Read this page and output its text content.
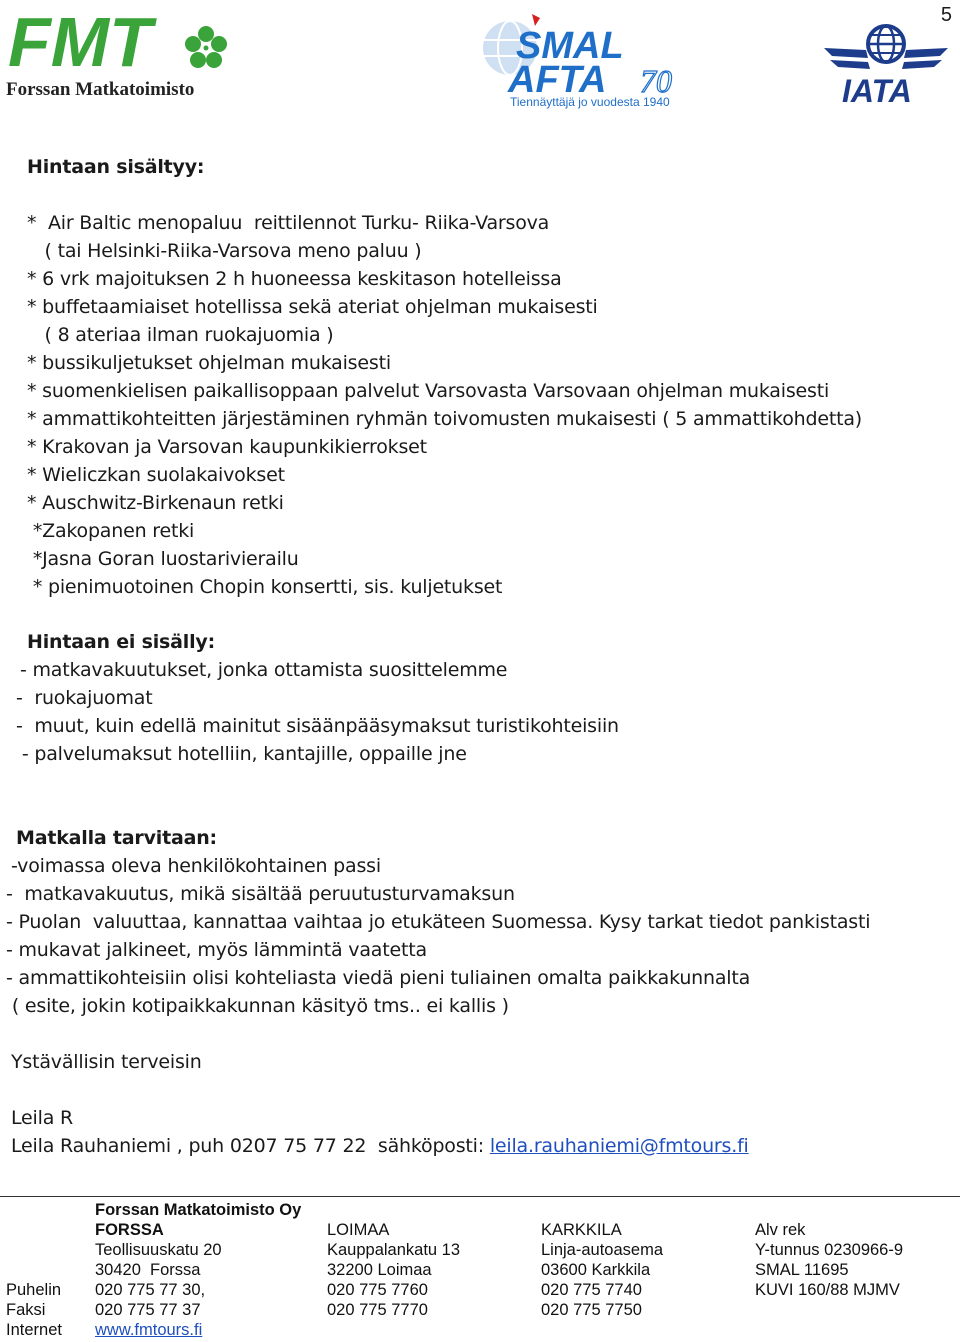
5
FMT
Forssan Matkatoimisto
SMAL
AFTA 70
Tiennäyttäjä jo vuodesta 1940	IATA
Hintaan sisältyy:
*  Air Baltic menopaluu  reittilennot Turku- Riika-Varsova
( tai Helsinki-Riika-Varsova meno paluu )
* 6 vrk majoituksen 2 h huoneessa keskitason hotelleissa
* buffetaamiaiset hotellissa sekä ateriat ohjelman mukaisesti
( 8 ateriaa ilman ruokajuomia )
* bussikuljetukset ohjelman mukaisesti
* suomenkielisen paikallisoppaan palvelut Varsovasta Varsovaan ohjelman mukaisesti
* ammattikohteitten järjestäminen ryhmän toivomusten mukaisesti ( 5 ammattikohdetta)
* Krakovan ja Varsovan kaupunkikierrokset
* Wieliczkan suolakaivokset
* Auschwitz-Birkenaun retki
*Zakopanen retki
*Jasna Goran luostarivierailu
* pienimuotoinen Chopin konsertti, sis. kuljetukset
Hintaan ei sisälly:
- matkavakuutukset, jonka ottamista suosittelemme
-  ruokajuomat
-  muut, kuin edellä mainitut sisäänpääsymaksut turistikohteisiin
- palvelumaksut hotelliin, kantajille, oppaille jne
Matkalla tarvitaan:
-voimassa oleva henkilökohtainen passi
-  matkavakuutus, mikä sisältää peruutusturvamaksun
- Puolan  valuuttaa, kannattaa vaihtaa jo etukäteen Suomessa. Kysy tarkat tiedot pankistasti
- mukavat jalkineet, myös lämmintä vaatetta
- ammattikohteisiin olisi kohteliasta viedä pieni tuliainen omalta paikkakunnalta
( esite, jokin kotipaikkakunnan käsityö tms.. ei kallis )
Ystävällisin terveisin
Leila R
Leila Rauhaniemi , puh 0207 75 77 22  sähköposti: leila.rauhaniemi@fmtours.fi
Forssan Matkatoimisto Oy
Puhelin
Faksi
Internet
FORSSA
Teollisuuskatu 20
30420  Forssa
020 775 77 30,
020 775 77 37
www.fmtours.fi
LOIMAA
Kauppalankatu 13
32200 Loimaa
020 775 7760
020 775 7770
KARKKILA
Linja-autoasema
03600 Karkkila
020 775 7740
020 775 7750
Alv rek
Y-tunnus 0230966-9
SMAL 11695
KUVI 160/88 MJMV
